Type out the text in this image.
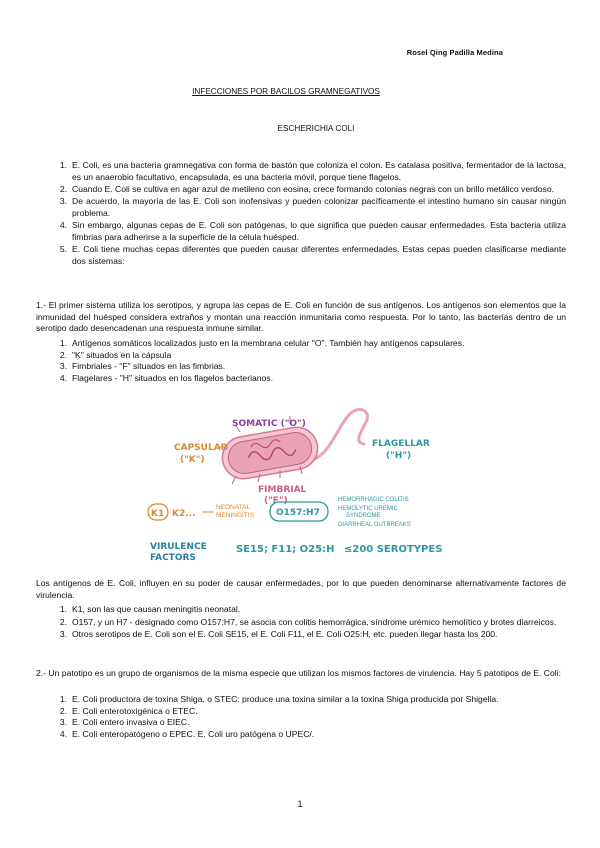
Rosel Qing Padilla Medina
INFECCIONES POR BACILOS GRAMNEGATIVOS
ESCHERICHIA COLI
1. E. Coli, es una bacteria gramnegativa con forma de bastón que coloniza el colon. Es catalasa positiva, fermentador de la lactosa, es un anaerobio facultativo, encapsulada, es una bacteria móvil, porque tiene flagelos.
2. Cuando E. Coli se cultiva en agar azul de metileno con eosina, crece formando colonias negras con un brillo metálico verdoso.
3. De acuerdo, la mayoría de las E. Coli son inofensivas y pueden colonizar pacíficamente el intestino humano sin causar ningún problema.
4. Sin embargo, algunas cepas de E. Coli son patógenas, lo que significa que pueden causar enfermedades. Esta bacteria utiliza fimbrias para adherirse a la superficie de la célula huésped.
5. E. Coli tiene muchas cepas diferentes que pueden causar diferentes enfermedades. Estas cepas pueden clasificarse mediante dos sistemas:
1.- El primer sistema utiliza los serotipos, y agrupa las cepas de E. Coli en función de sus antígenos. Los antígenos son elementos que la inmunidad del huésped considera extraños y montan una reacción inmunitaria como respuesta. Por lo tanto, las bacterias dentro de un serotipo dado desencadenan una respuesta inmune similar.
1. Antígenos somáticos localizados justo en la membrana celular "O". También hay antígenos capsulares.
2. "K" situados en la cápsula
3. Fimbriales - "F" situados en las fimbrias.
4. Flagelares - "H" situados en los flagelos bacterianos.
SOMATIC ("O")
CAPSULAR
("K")
FLAGELLAR
("H")
FIMBRIAL
("F")
K1 K2...
NEONATAL
MENINGITIS O157:H7
HEMORRHAGIC COLITIS
HEMOLYTIC UREMIC
SYNDROME
DIARRHEAL OUTBREAKS
VIRULENCE
FACTORS
SE15; F11; O25:H ≤200 SEROTYPES
Los antígenos de E. Coli, influyen en su poder de causar enfermedades, por lo que pueden denominarse alternativamente factores de virulencia.
1. K1, son las que causan meningitis neonatal.
2. O157, y un H7 - designado como O157:H7, se asocia con colitis hemorrágica, síndrome urémico hemolítico y brotes diarreicos.
3. Otros serotipos de E. Coli son el E. Coli SE15, el E. Coli F11, el E. Coli O25:H, etc. pueden llegar hasta los 200.
2.- Un patotipo es un grupo de organismos de la misma especie que utilizan los mismos factores de virulencia. Hay 5 patotipos de E. Coli:
1. E. Coli productora de toxina Shiga, o STEC: produce una toxina similar a la toxina Shiga producida por Shigella.
2. E. Coli enterotoxigénica o ETEC.
3. E. Coli entero invasiva o EIEC.
4. E. Coli enteropatógeno o EPEC. E. Coli uro patógena o UPEC/.
1
